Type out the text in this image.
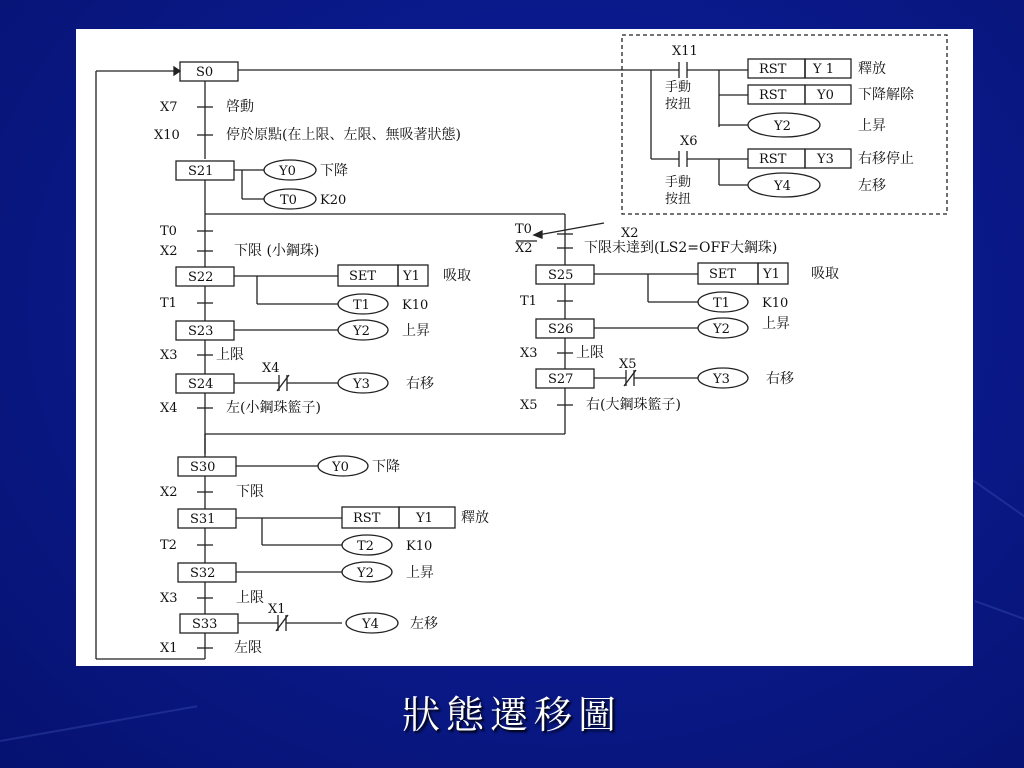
X11
RST Y 1 釋放
RST Y0 下降解除
Y2	上昇
手動
按扭
X6
RST Y3 右移停止
Y4	左移
手動
按扭
S0
X7	啓動
X10	停於原點(在上限、左限、無吸著狀態)
S21	Y0 下降
T0 K20
T0
X2	下限 (小鋼珠)
S22	SET Y1 吸取
T1 K10
T1
S23	Y2 上昇
X3	上限
S24
X4
Y3	右移
X4	左(小鋼珠籃子)
T0	X2
X2	下限未達到(LS2=OFF大鋼珠)
S25	SET Y1 吸取
T1 K10
T1
S26	Y2 上昇
X3	上限
S27
X5
Y3	右移
X5	右(大鋼珠籃子)
S30	Y0 下降
X2	下限
S31	RST	Y1 釋放
T2 K10
T2
S32	Y2 上昇
X3	上限
S33
X1
Y4 左移
X1	左限
狀態遷移圖
